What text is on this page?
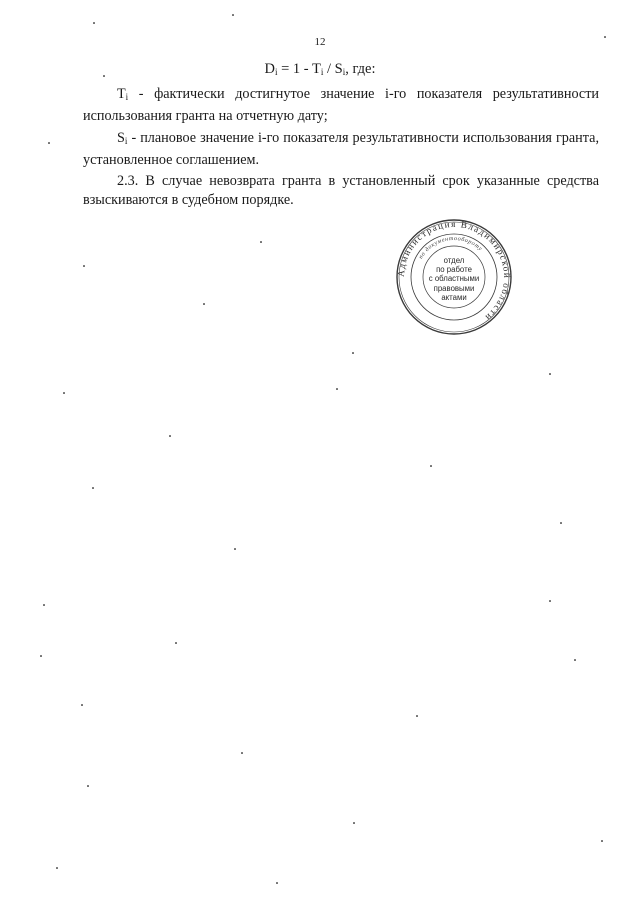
12
$D_i = 1 - T_i / S_i$, где:
$T_i$ - фактически достигнутое значение i-го показателя результативности использования гранта на отчетную дату;
$S_i$ - плановое значение i-го показателя результативности использования гранта, установленное соглашением.
2.3. В случае невозврата гранта в установленный срок указанные средства взыскиваются в судебном порядке.
Администрация Владимирской области
по документообороту
отдел
по работе
с областными
правовыми
актами
